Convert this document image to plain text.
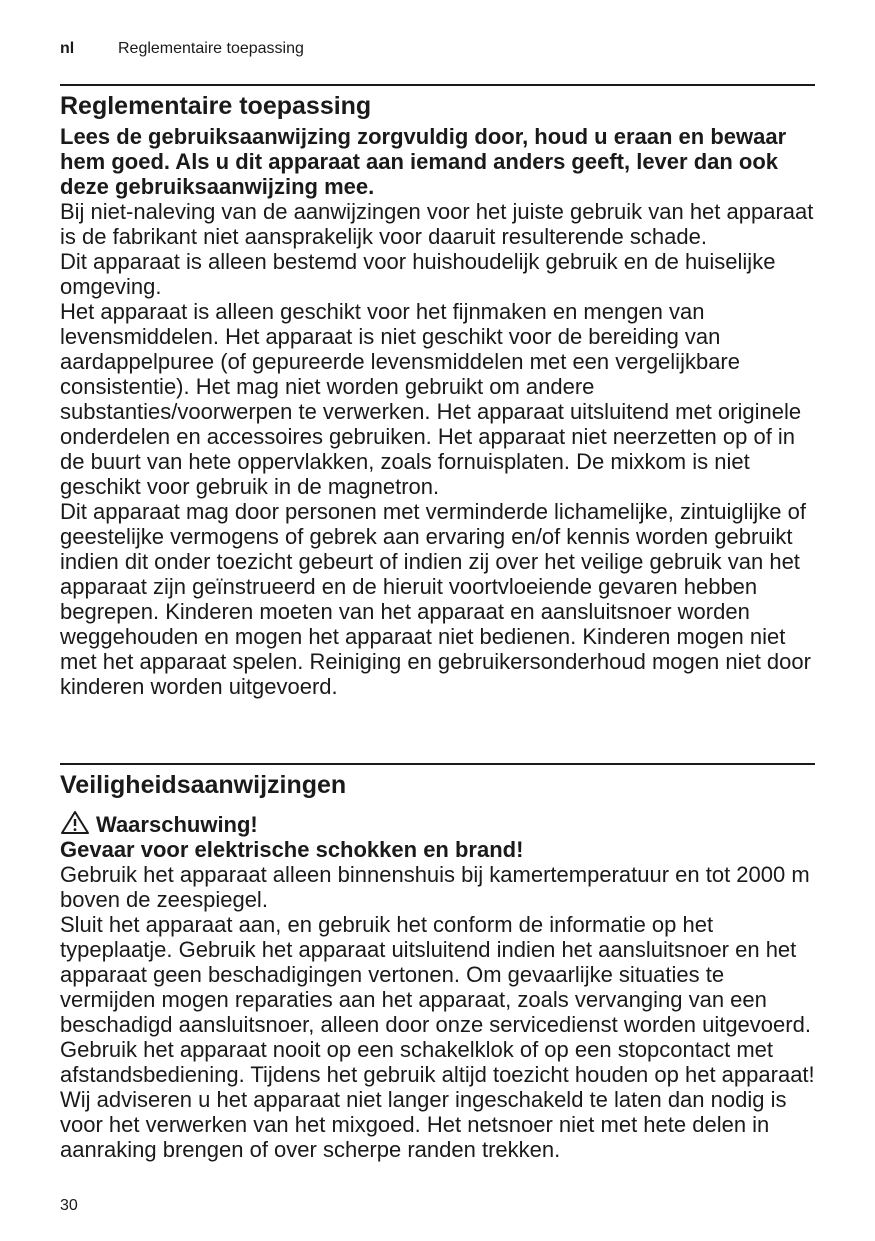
nl	Reglementaire toepassing
Reglementaire toepassing

Lees de gebruiksaanwijzing zorgvuldig door, houd u eraan en bewaar hem goed. Als u dit apparaat aan iemand anders geeft, lever dan ook deze gebruiksaanwijzing mee.

Bij niet-naleving van de aanwijzingen voor het juiste gebruik van het apparaat is de fabrikant niet aansprakelijk voor daaruit resulterende schade.

Dit apparaat is alleen bestemd voor huishoudelijk gebruik en de huiselijke omgeving.

Het apparaat is alleen geschikt voor het fijnmaken en mengen van levensmiddelen. Het apparaat is niet geschikt voor de bereiding van aardappelpuree (of gepureerde levensmiddelen met een vergelijkbare consistentie). Het mag niet worden gebruikt om andere substanties/voorwerpen te verwerken. Het apparaat uitsluitend met originele onderdelen en accessoires gebruiken. Het apparaat niet neerzetten op of in de buurt van hete oppervlakken, zoals fornuisplaten. De mixkom is niet geschikt voor gebruik in de magnetron.

Dit apparaat mag door personen met verminderde lichamelijke, zintuiglijke of geestelijke vermogens of gebrek aan ervaring en/of kennis worden gebruikt indien dit onder toezicht gebeurt of indien zij over het veilige gebruik van het apparaat zijn geïnstrueerd en de hieruit voortvloeiende gevaren hebben begrepen. Kinderen moeten van het apparaat en aansluitsnoer worden weggehouden en mogen het apparaat niet bedienen. Kinderen mogen niet met het apparaat spelen. Reiniging en gebruikersonderhoud mogen niet door kinderen worden uitgevoerd.

Veiligheidsaanwijzingen
Waarschuwing!

Gevaar voor elektrische schokken en brand!

Gebruik het apparaat alleen binnenshuis bij kamertemperatuur en tot 2000 m boven de zeespiegel.

Sluit het apparaat aan, en gebruik het conform de informatie op het typeplaatje. Gebruik het apparaat uitsluitend indien het aansluitsnoer en het apparaat geen beschadigingen vertonen. Om gevaarlijke situaties te vermijden mogen reparaties aan het apparaat, zoals vervanging van een beschadigd aansluitsnoer, alleen door onze servicedienst worden uitgevoerd. Gebruik het apparaat nooit op een schakelklok of op een stopcontact met afstandsbediening. Tijdens het gebruik altijd toezicht houden op het apparaat! Wij adviseren u het apparaat niet langer ingeschakeld te laten dan nodig is voor het verwerken van het mixgoed. Het netsnoer niet met hete delen in aanraking brengen of over scherpe randen trekken.

30
